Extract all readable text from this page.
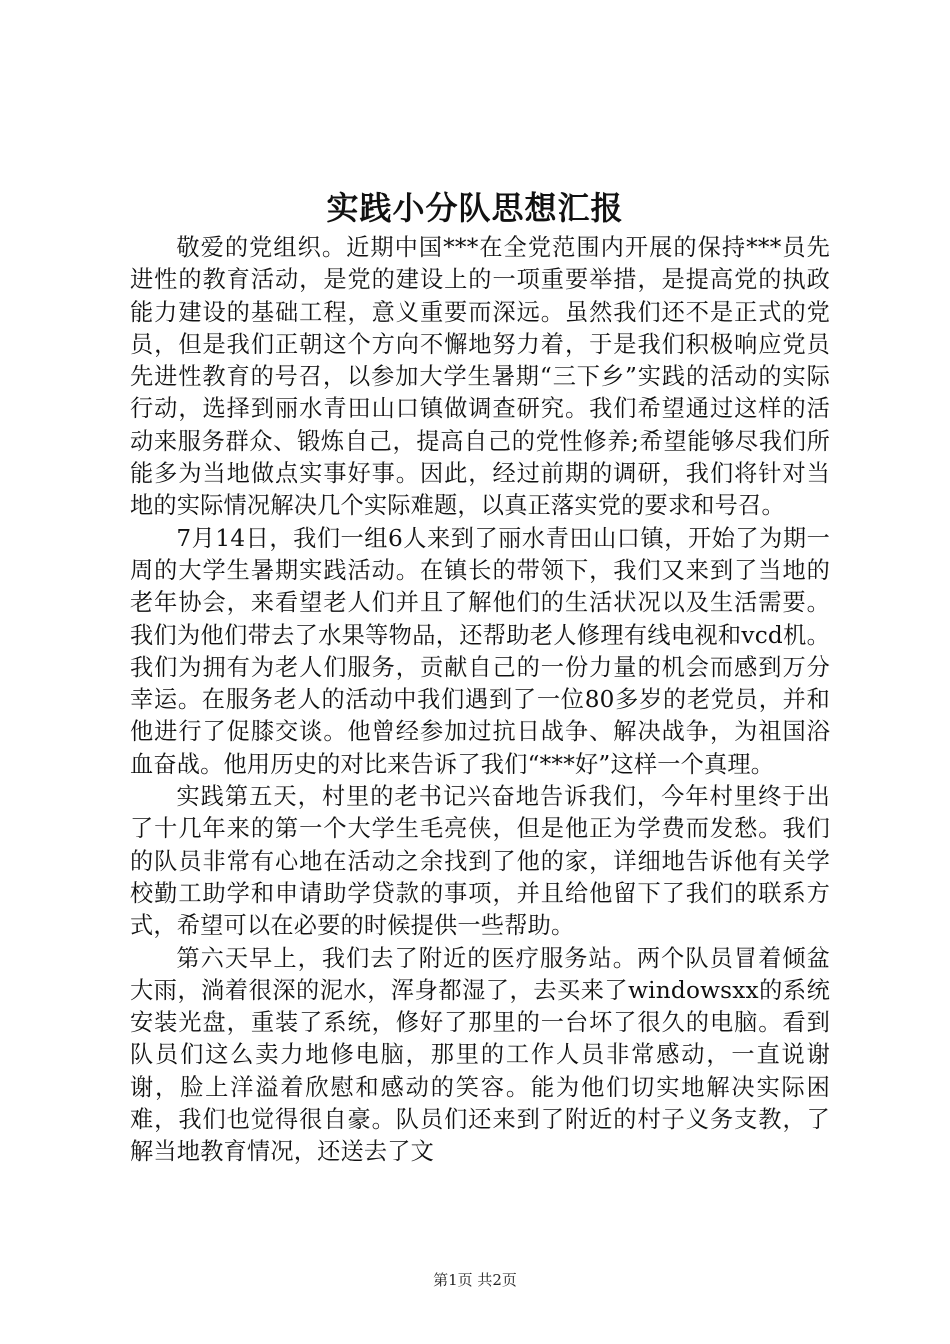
实践小分队思想汇报

敬爱的党组织。近期中国***在全党范围内开展的保持***员先进性的教育活动，是党的建设上的一项重要举措，是提高党的执政能力建设的基础工程，意义重要而深远。虽然我们还不是正式的党员，但是我们正朝这个方向不懈地努力着，于是我们积极响应党员先进性教育的号召，以参加大学生暑期“三下乡”实践的活动的实际行动，选择到丽水青田山口镇做调查研究。我们希望通过这样的活动来服务群众、锻炼自己，提高自己的党性修养;希望能够尽我们所能多为当地做点实事好事。因此，经过前期的调研，我们将针对当地的实际情况解决几个实际难题，以真正落实党的要求和号召。

7月14日，我们一组6人来到了丽水青田山口镇，开始了为期一周的大学生暑期实践活动。在镇长的带领下，我们又来到了当地的老年协会，来看望老人们并且了解他们的生活状况以及生活需要。我们为他们带去了水果等物品，还帮助老人修理有线电视和vcd机。我们为拥有为老人们服务，贡献自己的一份力量的机会而感到万分幸运。在服务老人的活动中我们遇到了一位80多岁的老党员，并和他进行了促膝交谈。他曾经参加过抗日战争、解决战争，为祖国浴血奋战。他用历史的对比来告诉了我们“***好”这样一个真理。

实践第五天，村里的老书记兴奋地告诉我们，今年村里终于出了十几年来的第一个大学生毛亮侠，但是他正为学费而发愁。我们的队员非常有心地在活动之余找到了他的家，详细地告诉他有关学校勤工助学和申请助学贷款的事项，并且给他留下了我们的联系方式，希望可以在必要的时候提供一些帮助。

第六天早上，我们去了附近的医疗服务站。两个队员冒着倾盆大雨，淌着很深的泥水，浑身都湿了，去买来了windowsxx的系统安装光盘，重装了系统，修好了那里的一台坏了很久的电脑。看到队员们这么卖力地修电脑，那里的工作人员非常感动，一直说谢谢，脸上洋溢着欣慰和感动的笑容。能为他们切实地解决实际困难，我们也觉得很自豪。队员们还来到了附近的村子义务支教，了解当地教育情况，还送去了文

第1页 共2页
